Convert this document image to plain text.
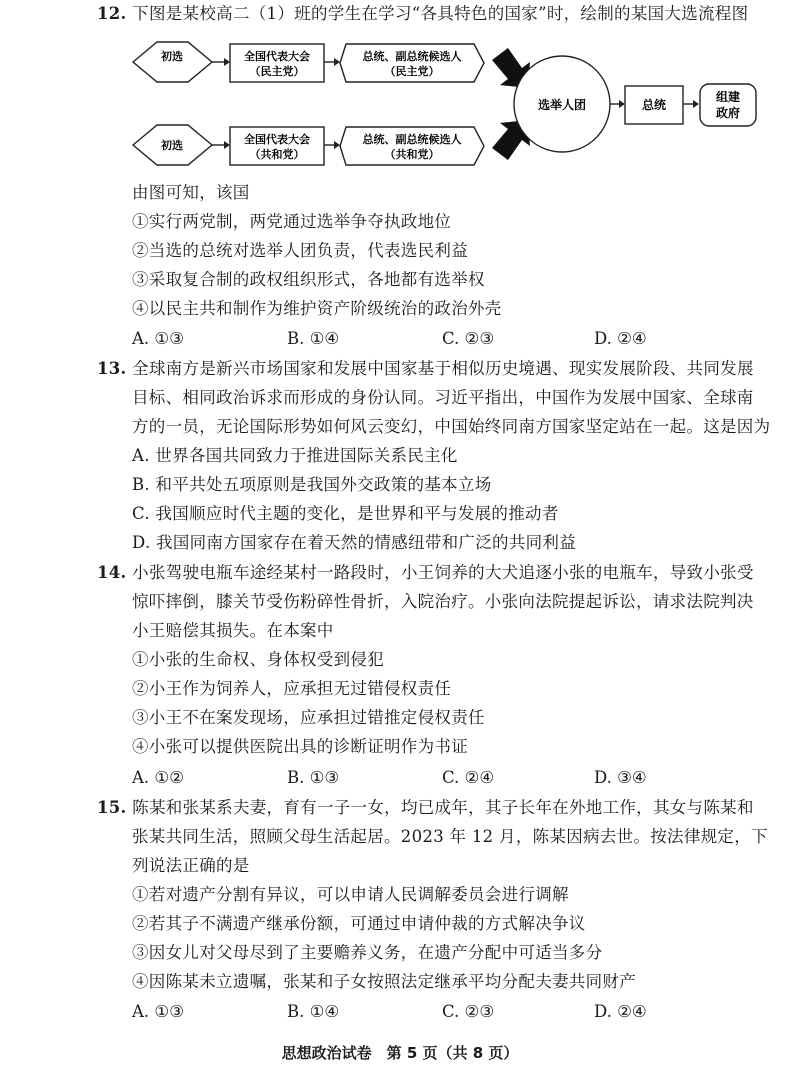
12. 下图是某校高二（1）班的学生在学习“各具特色的国家”时，绘制的某国大选流程图
初选	全国代表大会
（民主党）
总统、副总统候选人
（民主党）
初选	全国代表大会
（共和党）
总统、副总统候选人
（共和党）
选举人团	总统
组建
政府
由图可知，该国
①实行两党制，两党通过选举争夺执政地位
②当选的总统对选举人团负责，代表选民利益
③采取复合制的政权组织形式，各地都有选举权
④以民主共和制作为维护资产阶级统治的政治外壳
A. ①③	B. ①④	C. ②③	D. ②④
13. 全球南方是新兴市场国家和发展中国家基于相似历史境遇、现实发展阶段、共同发展
目标、相同政治诉求而形成的身份认同。习近平指出，中国作为发展中国家、全球南
方的一员，无论国际形势如何风云变幻，中国始终同南方国家坚定站在一起。这是因为
A. 世界各国共同致力于推进国际关系民主化
B. 和平共处五项原则是我国外交政策的基本立场
C. 我国顺应时代主题的变化，是世界和平与发展的推动者
D. 我国同南方国家存在着天然的情感纽带和广泛的共同利益
14. 小张驾驶电瓶车途经某村一路段时，小王饲养的大犬追逐小张的电瓶车，导致小张受
惊吓摔倒，膝关节受伤粉碎性骨折，入院治疗。小张向法院提起诉讼，请求法院判决
小王赔偿其损失。在本案中
①小张的生命权、身体权受到侵犯
②小王作为饲养人，应承担无过错侵权责任
③小王不在案发现场，应承担过错推定侵权责任
④小张可以提供医院出具的诊断证明作为书证
A. ①②	B. ①③	C. ②④	D. ③④
15. 陈某和张某系夫妻，育有一子一女，均已成年，其子长年在外地工作，其女与陈某和
张某共同生活，照顾父母生活起居。2023 年 12 月，陈某因病去世。按法律规定，下
列说法正确的是
①若对遗产分割有异议，可以申请人民调解委员会进行调解
②若其子不满遗产继承份额，可通过申请仲裁的方式解决争议
③因女儿对父母尽到了主要赡养义务，在遗产分配中可适当多分
④因陈某未立遗嘱，张某和子女按照法定继承平均分配夫妻共同财产
A. ①③	B. ①④	C. ②③	D. ②④
思想政治试卷　第 5 页（共 8 页）
